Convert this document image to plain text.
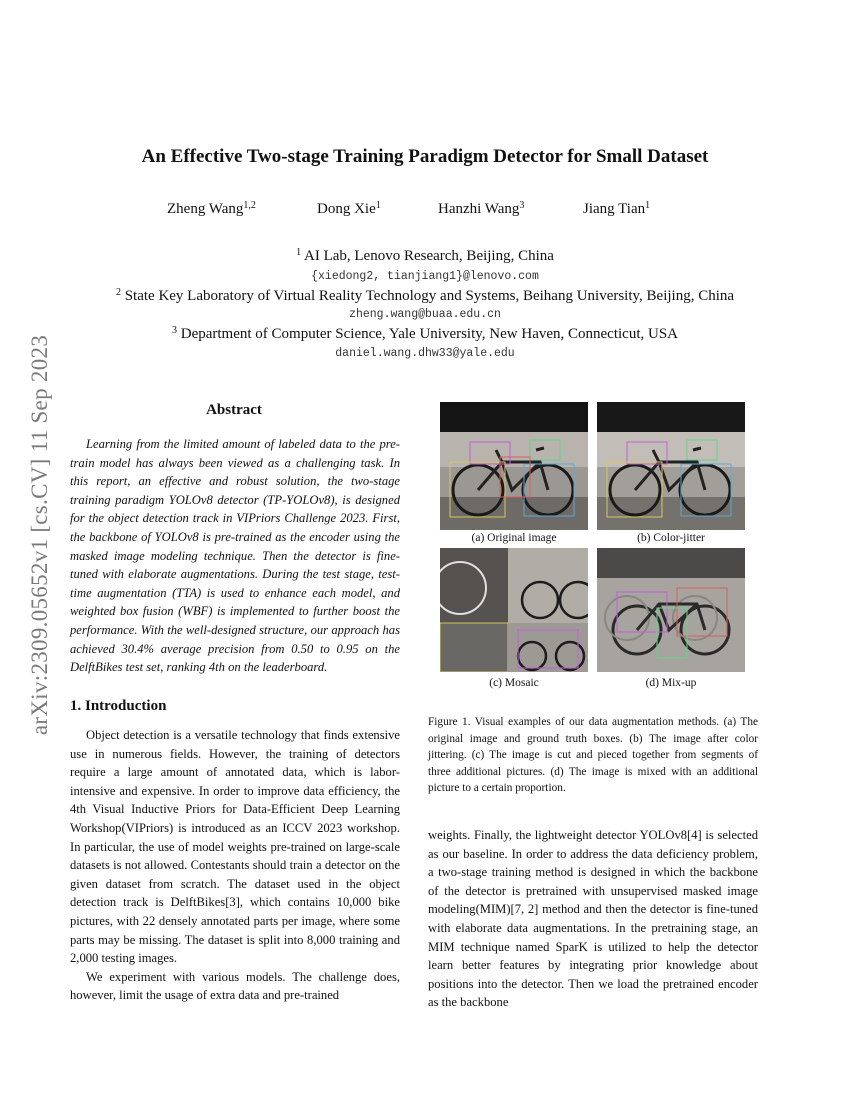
arXiv:2309.05652v1 [cs.CV] 11 Sep 2023
An Effective Two-stage Training Paradigm Detector for Small Dataset
Zheng Wang$^{1,2}$	Dong Xie$^1$	Hanzhi Wang$^3$	Jiang Tian$^1$
$^1$ AI Lab, Lenovo Research, Beijing, China
{xiedong2, tianjiang1}@lenovo.com
$^2$ State Key Laboratory of Virtual Reality Technology and Systems, Beihang University, Beijing, China
zheng.wang@buaa.edu.cn
$^3$ Department of Computer Science, Yale University, New Haven, Connecticut, USA
daniel.wang.dhw33@yale.edu
Abstract

Learning from the limited amount of labeled data to the pre-train model has always been viewed as a challenging task. In this report, an effective and robust solution, the two-stage training paradigm YOLOv8 detector (TP-YOLOv8), is designed for the object detection track in VIPriors Challenge 2023. First, the backbone of YOLOv8 is pre-trained as the encoder using the masked image modeling technique. Then the detector is fine-tuned with elaborate augmentations. During the test stage, test-time augmentation (TTA) is used to enhance each model, and weighted box fusion (WBF) is implemented to further boost the performance. With the well-designed structure, our approach has achieved 30.4% average precision from 0.50 to 0.95 on the DelftBikes test set, ranking 4th on the leaderboard.

1. Introduction

Object detection is a versatile technology that finds extensive use in numerous fields. However, the training of detectors require a large amount of annotated data, which is labor-intensive and expensive. In order to improve data efficiency, the 4th Visual Inductive Priors for Data-Efficient Deep Learning Workshop(VIPriors) is introduced as an ICCV 2023 workshop. In particular, the use of model weights pre-trained on large-scale datasets is not allowed. Contestants should train a detector on the given dataset from scratch. The dataset used in the object detection track is DelftBikes[3], which contains 10,000 bike pictures, with 22 densely annotated parts per image, where some parts may be missing. The dataset is split into 8,000 training and 2,000 testing images.

We experiment with various models. The challenge does, however, limit the usage of extra data and pre-trained

(a) Original image	(b) Color-jitter
(c) Mosaic	(d) Mix-up
Figure 1. Visual examples of our data augmentation methods. (a) The original image and ground truth boxes. (b) The image after color jittering. (c) The image is cut and pieced together from segments of three additional pictures. (d) The image is mixed with an additional picture to a certain proportion.

weights. Finally, the lightweight detector YOLOv8[4] is selected as our baseline. In order to address the data deficiency problem, a two-stage training method is designed in which the backbone of the detector is pretrained with unsupervised masked image modeling(MIM)[7, 2] method and then the detector is fine-tuned with elaborate data augmentations. In the pretraining stage, an MIM technique named SparK is utilized to help the detector learn better features by integrating prior knowledge about positions into the detector. Then we load the pretrained encoder as the backbone
